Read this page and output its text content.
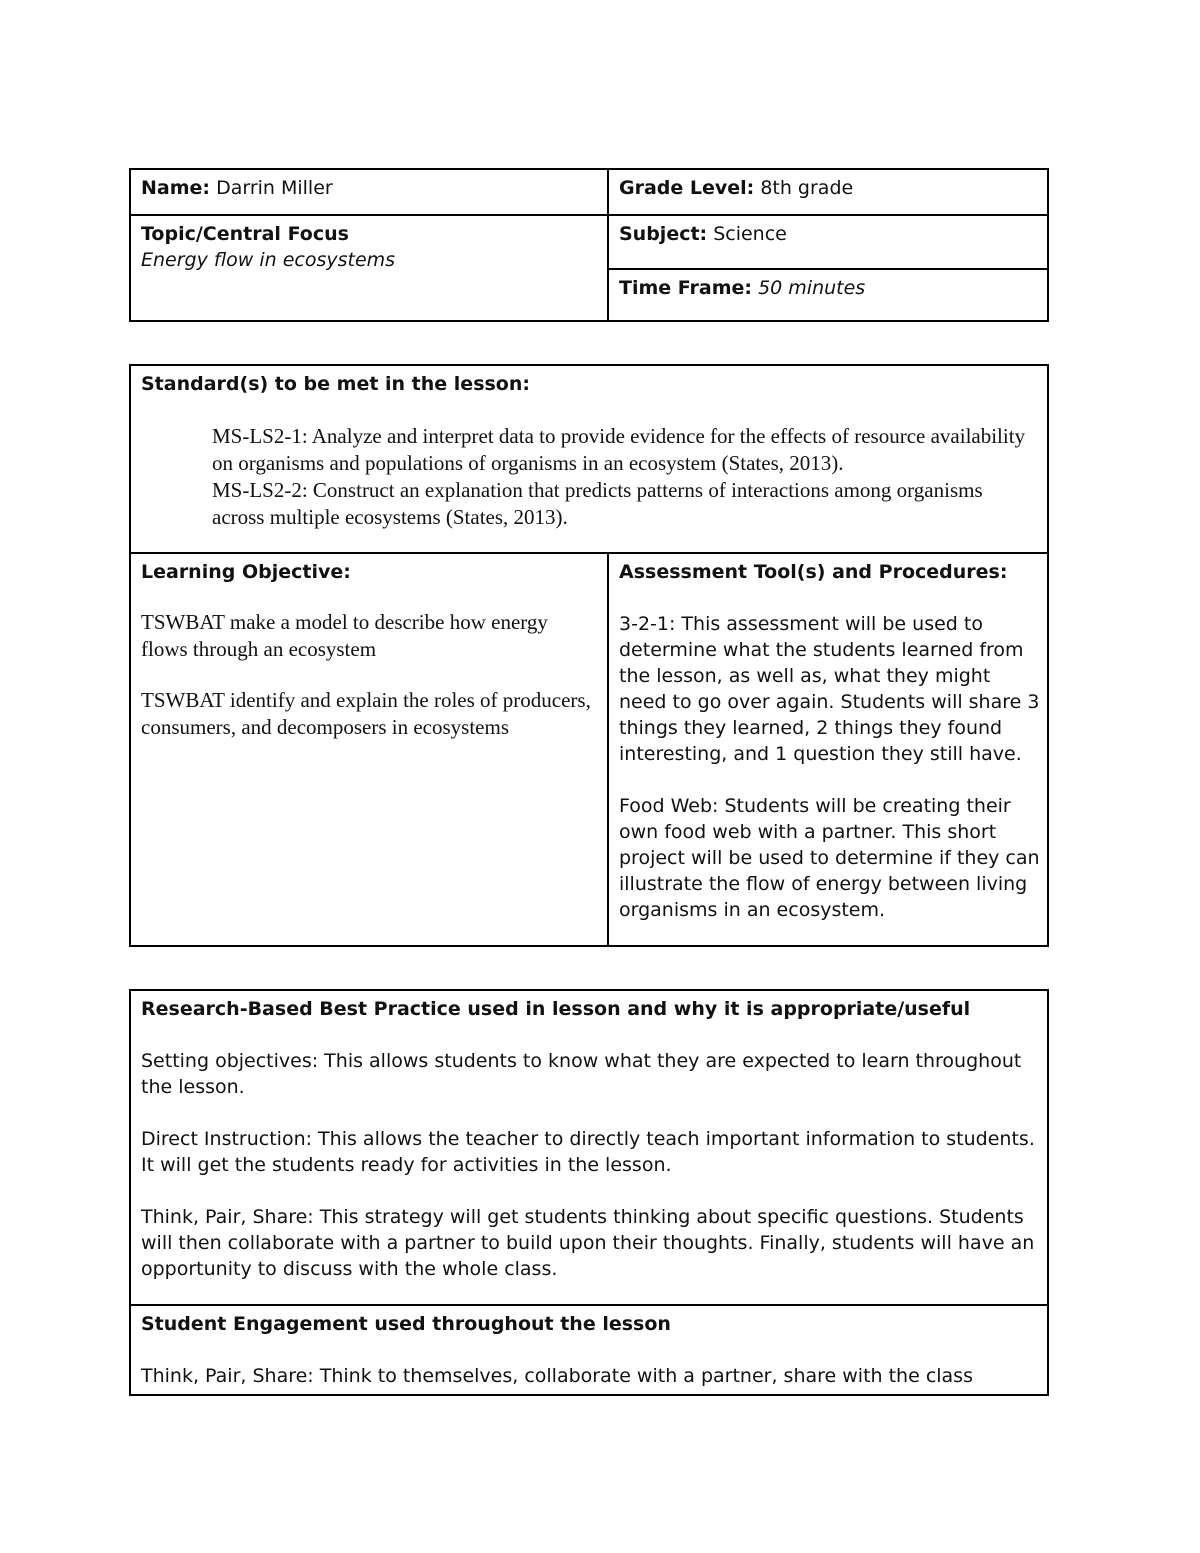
Name: Darrin Miller	Grade Level: 8th grade

Topic/Central Focus

Energy flow in ecosystems

Subject: Science
Time Frame: 50 minutes

Standard(s) to be met in the lesson:

MS-LS2-1: Analyze and interpret data to provide evidence for the effects of resource availability on organisms and populations of organisms in an ecosystem (States, 2013).

MS-LS2-2: Construct an explanation that predicts patterns of interactions among organisms across multiple ecosystems (States, 2013).

Learning Objective:

TSWBAT make a model to describe how energy flows through an ecosystem

TSWBAT identify and explain the roles of producers, consumers, and decomposers in ecosystems

Assessment Tool(s) and Procedures:

3-2-1: This assessment will be used to determine what the students learned from the lesson, as well as, what they might need to go over again. Students will share 3 things they learned, 2 things they found interesting, and 1 question they still have.

Food Web: Students will be creating their own food web with a partner. This short project will be used to determine if they can illustrate the flow of energy between living organisms in an ecosystem.

Research-Based Best Practice used in lesson and why it is appropriate/useful

Setting objectives: This allows students to know what they are expected to learn throughout the lesson.

Direct Instruction: This allows the teacher to directly teach important information to students. It will get the students ready for activities in the lesson.

Think, Pair, Share: This strategy will get students thinking about specific questions. Students will then collaborate with a partner to build upon their thoughts. Finally, students will have an opportunity to discuss with the whole class.

Student Engagement used throughout the lesson

Think, Pair, Share: Think to themselves, collaborate with a partner, share with the class
